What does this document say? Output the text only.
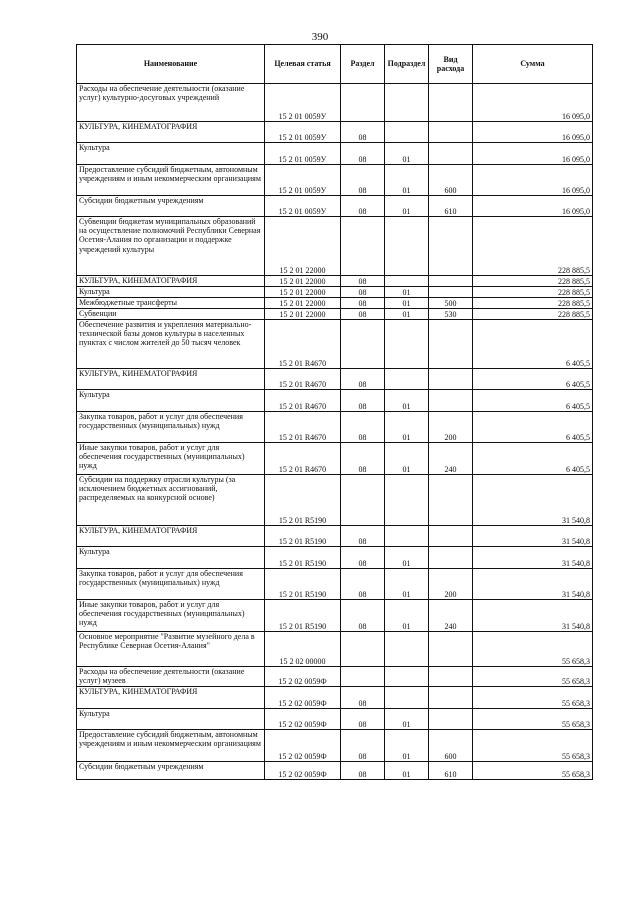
390
Наименование	Целевая статья	Раздел	Подраздел	Вид расхода	Сумма
Расходы на обеспечение деятельности (оказание услуг) культурно-досуговых учреждений	15 2 01 0059У				16 095,0
КУЛЬТУРА, КИНЕМАТОГРАФИЯ	15 2 01 0059У	08			16 095,0
Культура	15 2 01 0059У	08	01		16 095,0
Предоставление субсидий бюджетным, автономным учреждениям и иным некоммерческим организациям	15 2 01 0059У	08	01	600	16 095,0
Субсидии бюджетным учреждениям	15 2 01 0059У	08	01	610	16 095,0
Субвенции бюджетам муниципальных образований на осуществление полномочий Республики Северная Осетия-Алания по организации и поддержке учреждений культуры	15 2 01 22000				228 885,5
КУЛЬТУРА, КИНЕМАТОГРАФИЯ	15 2 01 22000	08			228 885,5
Культура	15 2 01 22000	08	01		228 885,5
Межбюджетные трансферты	15 2 01 22000	08	01	500	228 885,5
Субвенции	15 2 01 22000	08	01	530	228 885,5
Обеспечение развития и укрепления материально-технической базы домов культуры в населенных пунктах с числом жителей до 50 тысяч человек	15 2 01 R4670				6 405,5
КУЛЬТУРА, КИНЕМАТОГРАФИЯ	15 2 01 R4670	08			6 405,5
Культура	15 2 01 R4670	08	01		6 405,5
Закупка товаров, работ и услуг для обеспечения государственных (муниципальных) нужд	15 2 01 R4670	08	01	200	6 405,5
Иные закупки товаров, работ и услуг для обеспечения государственных (муниципальных) нужд	15 2 01 R4670	08	01	240	6 405,5
Субсидии на поддержку отрасли культуры (за исключением бюджетных ассигнований, распределяемых на конкурсной основе)	15 2 01 R5190				31 540,8
КУЛЬТУРА, КИНЕМАТОГРАФИЯ	15 2 01 R5190	08			31 540,8
Культура	15 2 01 R5190	08	01		31 540,8
Закупка товаров, работ и услуг для обеспечения государственных (муниципальных) нужд	15 2 01 R5190	08	01	200	31 540,8
Иные закупки товаров, работ и услуг для обеспечения государственных (муниципальных) нужд	15 2 01 R5190	08	01	240	31 540,8
Основное мероприятие "Развитие музейного дела в Республике Северная Осетия-Алания"	15 2 02 00000				55 658,3
Расходы на обеспечение деятельности (оказание услуг) музеев	15 2 02 0059Ф				55 658,3
КУЛЬТУРА, КИНЕМАТОГРАФИЯ	15 2 02 0059Ф	08			55 658,3
Культура	15 2 02 0059Ф	08	01		55 658,3
Предоставление субсидий бюджетным, автономным учреждениям и иным некоммерческим организациям	15 2 02 0059Ф	08	01	600	55 658,3
Субсидии бюджетным учреждениям	15 2 02 0059Ф	08	01	610	55 658,3
